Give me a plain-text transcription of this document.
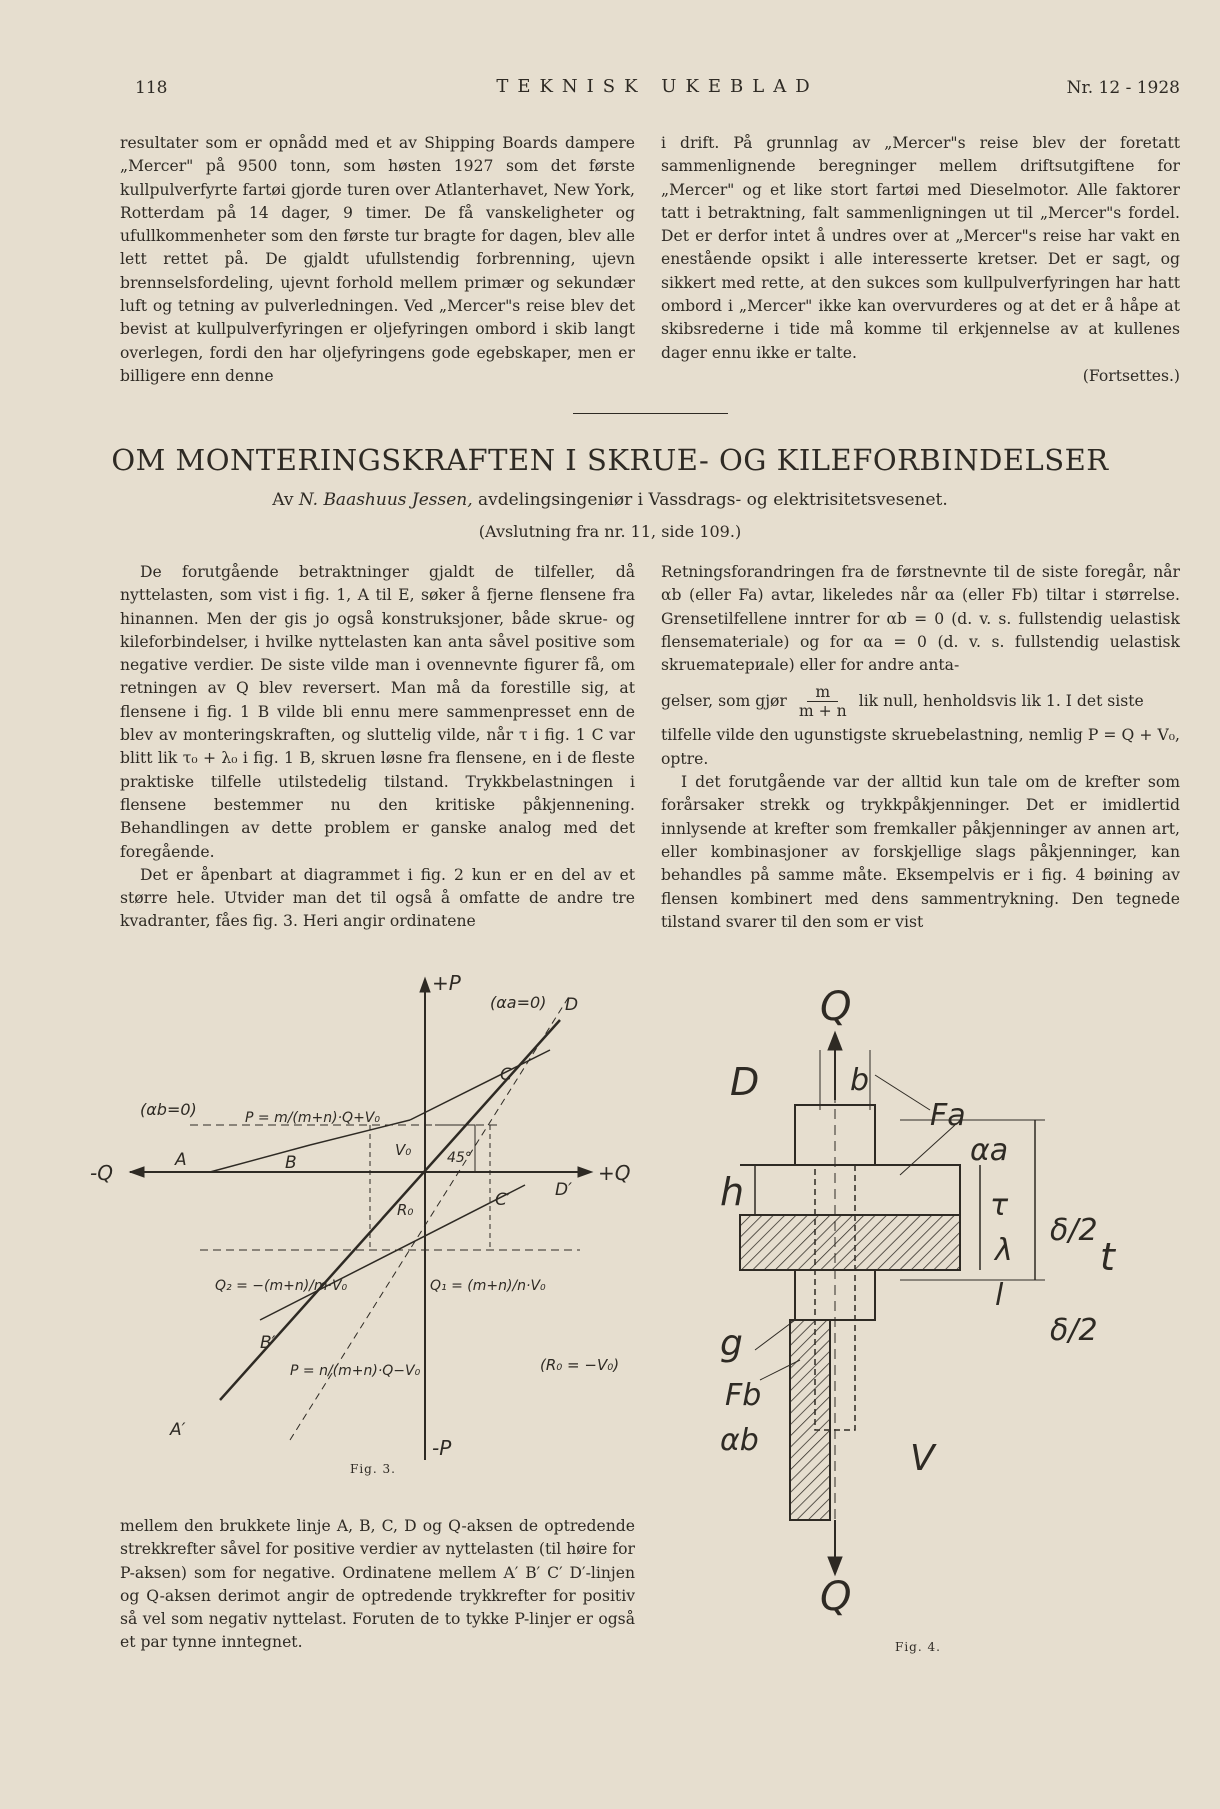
118	TEKNISK UKEBLAD	Nr. 12 - 1928

resultater som er opnådd med et av Shipping Boards dampere „Mercer" på 9500 tonn, som høsten 1927 som det første kullpulverfyrte fartøi gjorde turen over Atlanterhavet, New York, Rotterdam på 14 dager, 9 timer. De få vanskeligheter og ufullkommenheter som den første tur bragte for dagen, blev alle lett rettet på. De gjaldt ufullstendig forbrenning, ujevn brennselsfordeling, ujevnt forhold mellem primær og sekundær luft og tetning av pulverledningen. Ved „Mercer"s reise blev det bevist at kullpulverfyringen er oljefyringen ombord i skib langt overlegen, fordi den har oljefyringens gode egebskaper, men er billigere enn denne

i drift. På grunnlag av „Mercer"s reise blev der foretatt sammenlignende beregninger mellem driftsutgiftene for „Mercer" og et like stort fartøi med Dieselmotor. Alle faktorer tatt i betraktning, falt sammenligningen ut til „Mercer"s fordel. Det er derfor intet å undres over at „Mercer"s reise har vakt en enestående opsikt i alle interesserte kretser. Det er sagt, og sikkert med rette, at den sukces som kullpulverfyringen har hatt ombord i „Mercer" ikke kan overvurderes og at det er å håpe at skibsrederne i tide må komme til erkjennelse av at kullenes dager ennu ikke er talte.

(Fortsettes.)

OM MONTERINGSKRAFTEN I SKRUE- OG KILEFORBINDELSER
Av N. Baashuus Jessen, avdelingsingeniør i Vassdrags- og elektrisitetsvesenet.
(Avslutning fra nr. 11, side 109.)

De forutgående betraktninger gjaldt de tilfeller, då nyttelasten, som vist i fig. 1, A til E, søker å fjerne flensene fra hinannen. Men der gis jo også konstruksjoner, både skrue- og kileforbindelser, i hvilke nyttelasten kan anta såvel positive som negative verdier. De siste vilde man i ovennevnte figurer få, om retningen av Q blev reversert. Man må da forestille sig, at flensene i fig. 1 B vilde bli ennu mere sammenpresset enn de blev av monteringskraften, og sluttelig vilde, når τ i fig. 1 C var blitt lik τ₀ + λ₀ i fig. 1 B, skruen løsne fra flensene, en i de fleste praktiske tilfelle utilstedelig tilstand. Trykkbelastningen i flensene bestemmer nu den kritiske påkjennening. Behandlingen av dette problem er ganske analog med det foregående.

Det er åpenbart at diagrammet i fig. 2 kun er en del av et større hele. Utvider man det til også å omfatte de andre tre kvadranter, fåes fig. 3. Heri angir ordinatene

Retningsforandringen fra de førstnevnte til de siste foregår, når αb (eller Fa) avtar, likeledes når αa (eller Fb) tiltar i størrelse. Grensetilfellene inntrer for αb = 0 (d. v. s. fullstendig uelastisk flensemateriale) og for αa = 0 (d. v. s. fullstendig uelastisk skruematериale) eller for andre anta-

gelser, som gjør $\frac{m}{m + n}$ lik null, henholdsvis lik 1. I det siste

tilfelle vilde den ugunstigste skruebelastning, nemlig P = Q + V₀, optre.

I det forutgående var der alltid kun tale om de krefter som forårsaker strekk og trykkpåkjenninger. Det er imidlertid innlysende at krefter som fremkaller påkjenninger av annen art, eller kombinasjoner av forskjellige slags påkjenninger, kan behandles på samme måte. Eksempelvis er i fig. 4 bøining av flensen kombinert med dens sammentrykning. Den tegnede tilstand svarer til den som er vist

+P
-P
+Q
-Q
(αa=0)
(αb=0)
A	B
C
D
A′
B′
C′	D′
V₀
R₀
45°
P = m/(m+n)·Q+V₀
P = n/(m+n)·Q−V₀
Q₂ = −(m+n)/m·V₀	Q₁ = (m+n)/n·V₀
(R₀ = −V₀)
Fig. 3.

mellem den brukkete linje A, B, C, D og Q-aksen de optredende strekkrefter såvel for positive verdier av nyttelasten (til høire for P-aksen) som for negative. Ordinatene mellem A′ B′ C′ D′-linjen og Q-aksen derimot angir de optredende trykkrefter for positiv så vel som negativ nyttelast. Foruten de to tykke P-linjer er også et par tynne inntegnet.

Q
Q
D	b
Fa
αa
τ
h
δ/2
λ
l
t
δ/2
g
Fb
αb	V
Fig. 4.
